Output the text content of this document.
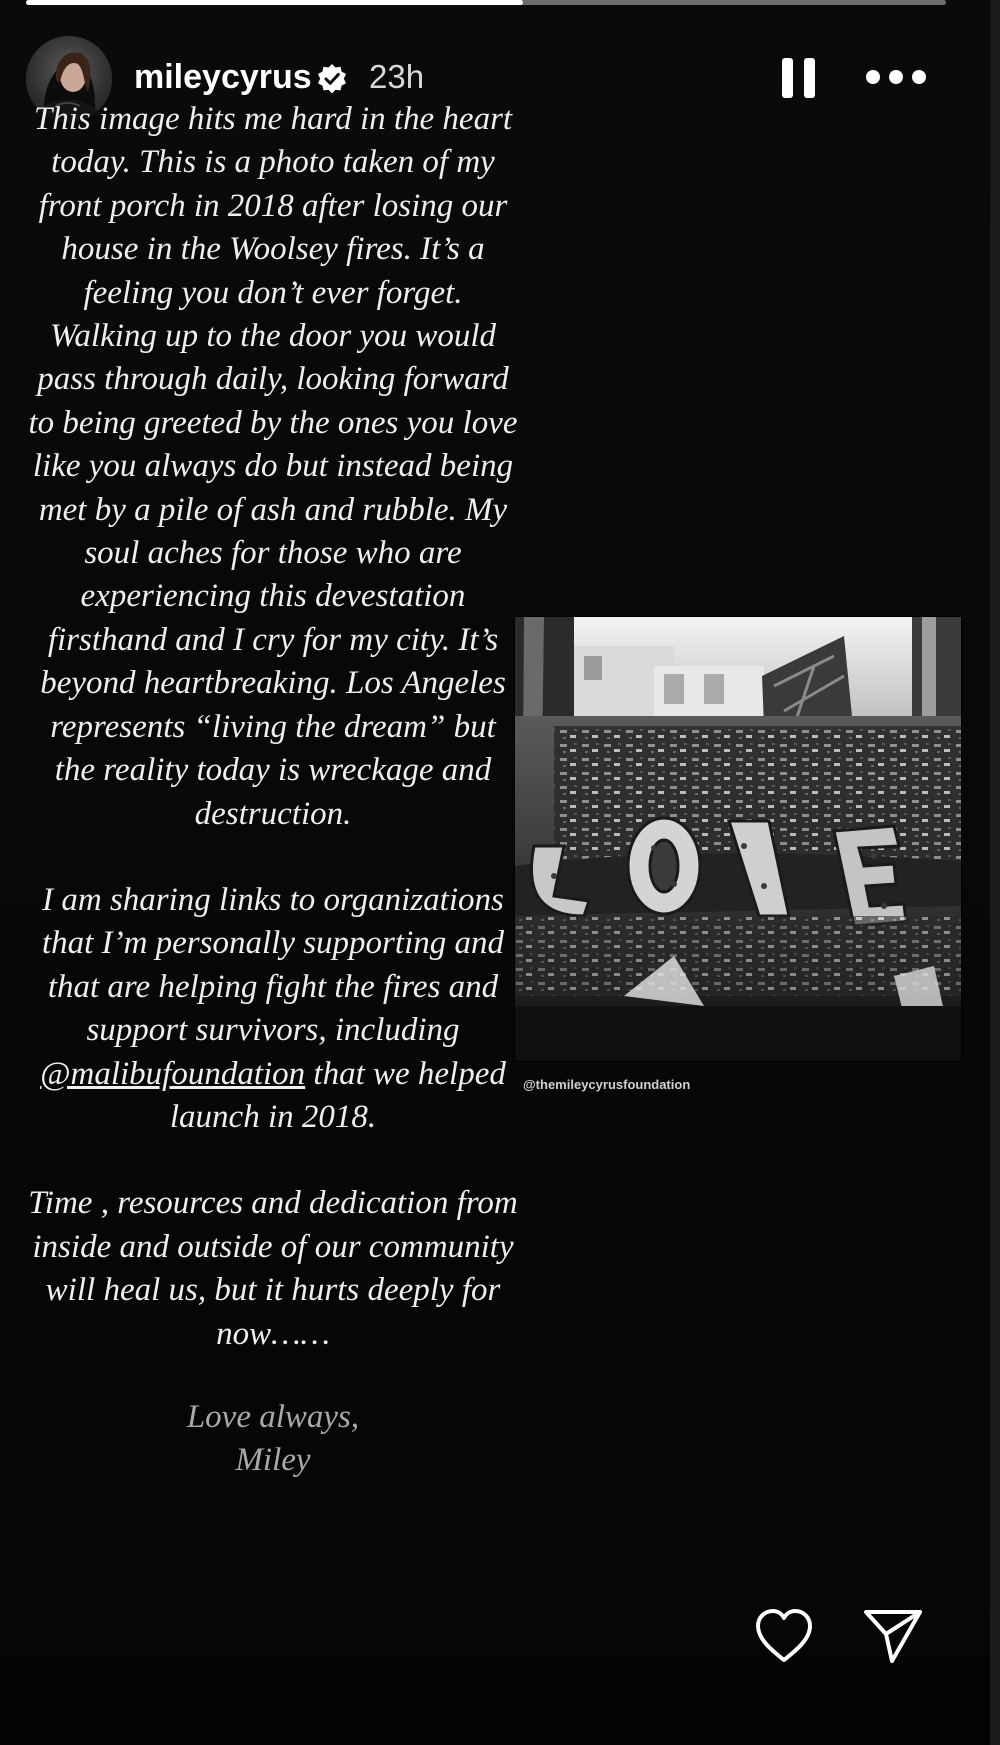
mileycyrus 23h

This image hits me hard in the heart today. This is a photo taken of my front porch in 2018 after losing our house in the Woolsey fires. It’s a feeling you don’t ever forget. Walking up to the door you would pass through daily, looking forward to being greeted by the ones you love like you always do but instead being met by a pile of ash and rubble. My soul aches for those who are experiencing this devestation firsthand and I cry for my city. It’s beyond heartbreaking. Los Angeles represents “living the dream” but the reality today is wreckage and destruction.

I am sharing links to organizations that I’m personally supporting and that are helping fight the fires and support survivors, including @malibufoundation that we helped launch in 2018.

Time , resources and dedication from inside and outside of our community will heal us, but it hurts deeply for now……

Love always,
Miley
@themileycyrusfoundation
